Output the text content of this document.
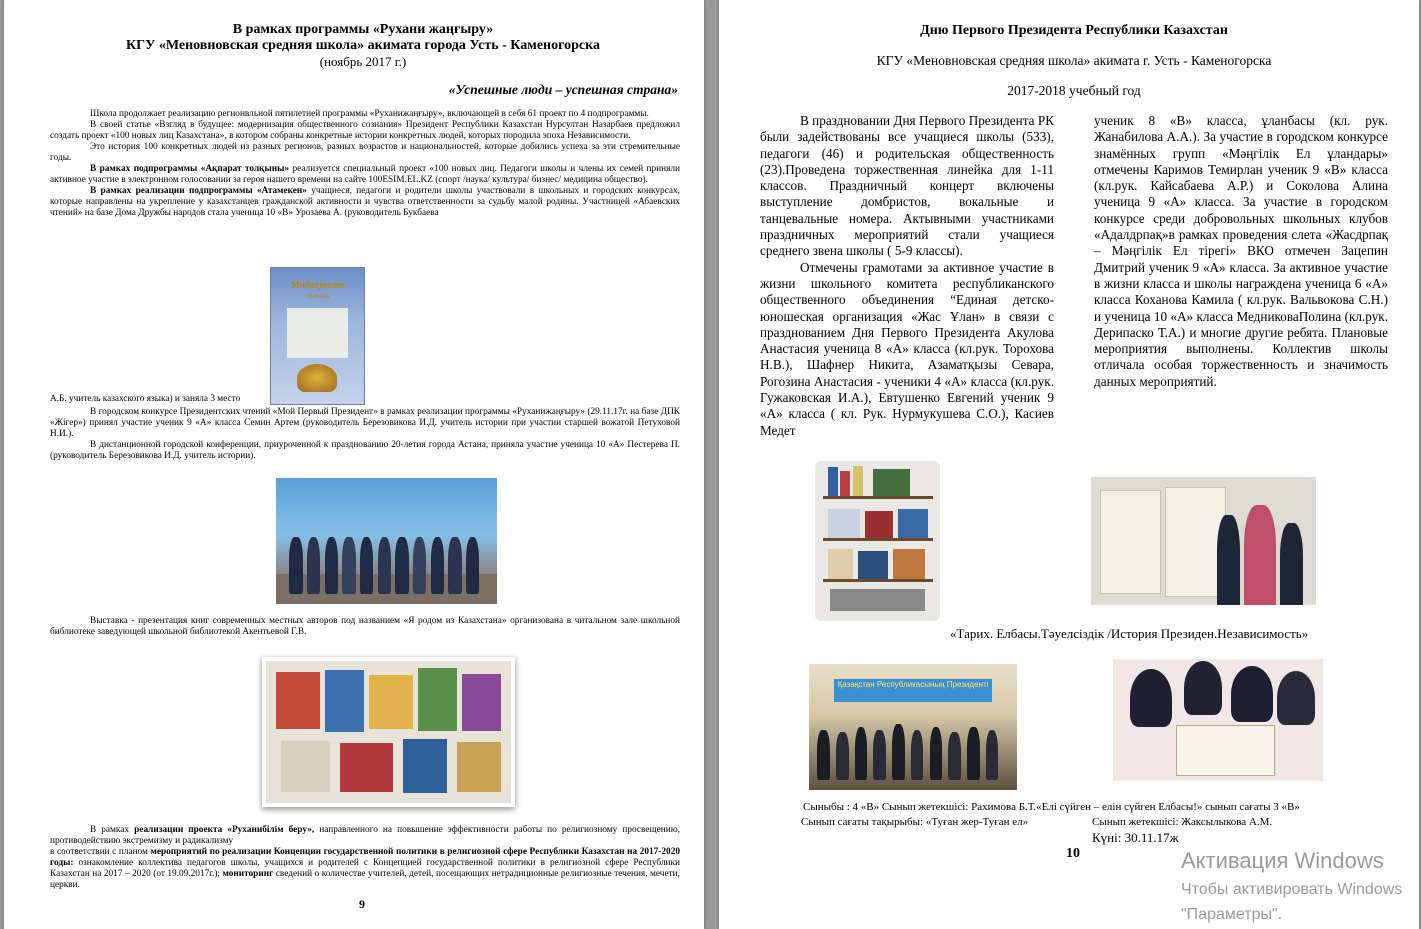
В рамках программы «Рухани жаңғыру»
КГУ «Меновновская средняя школа» акимата города Усть - Каменогорска
(ноябрь 2017 г.)
«Успешные люди – успешная страна»

Школа продолжает реализацию регионвльной пятилетней программы «Руханижаңғыру», включающей в себя 61 проект по 4 подпрограммы.

В своей статье «Взгляд в будущее: модернизация общественного сознания» Президент Республики Казахстан Нурсултан Назарбаев предложил создать проект «100 новых лиц Казахстана», в котором собраны конкретные истории конкретных людей, которых породила эпоха Независимости.

Это история 100 конкретных людей из разных регионов, разных возрастов и национальностей, которые добились успеха за эти стремительные годы.

В рамках подпрограммы «Ақпарат толқыны» реализуется специальный проект «100 новых лиц. Педагоги школы и члены их семей приняли активное участие в электронном голосовании за героя нашего времени на сайте 100ESIM.EL.KZ (спорт /наука/ культура/ бизнес/ медицина общество).

В рамках реализации подпрограммы «Атамекен» учащиеся, педагоги и родители школы участвовали в школьных и городских конкурсах, которые направлены на укрепление у казахстанцев гражданской активности и чувства ответственности за судьбу малой родины. Участницей «Абаевских чтений» на базе Дома Дружбы народов стала ученица 10 «В» Урозаева А. (руководитель Букбаева

Мадақтама
грамота
А.Б. учитель казахского языка) и заняла 3 место

В городском конкурсе Президентских чтений «Мой Первый Президент» в рамках реализации программы «Руханижаңғыру» (29.11.17г. на базе ДПК «Жігер») принял участие ученик 9 «А» класса Семин Артем (руководитель Березовикова И.Д. учитель истории при участии старшей вожатой Петуховой Н.И.).

В дистанционной городской конференции, приуроченной к празднованию 20-летия города Астана, приняла участие ученица 10 «А» Пестерева П. (руководитель Березовикова И.Д. учитель истории).

Выставка - презентация книг современных местных авторов под названием «Я родом из Казахстана» организована в читальном зале школьной библиотеке заведующей школьной библиотекой Акентьевой Г.В.

В рамках реализации проекта «Руханибілім беру», направленного на повышение эффективности работы по религиозному просвещению, противодействию экстремизму и радикализму

в соответствии с планом мероприятий по реализации Концепции государственной политики в религиозной сфере Республики Казахстан на 2017-2020 годы: ознакомление коллектива педагогов школы, учащихся и родителей с Концепцией государственной политики в религиозной сфере Республики Казахстан на 2017 – 2020 (от 19.09.2017г.); мониторинг сведений о количестве учителей, детей, посещающих нетрадиционные религиозные течения, мечети, церкви.

9
Дню Первого Президента Республики Казахстан
КГУ «Меновновская средняя школа» акимата г. Усть - Каменогорска
2017-2018 учебный год

В праздновании Дня Первого Президента РК были задействованы все учащиеся школы (533), педагоги (46) и родительская общественность (23).Проведена торжественная линейка для 1-11 классов. Праздничный концерт включены выступление домбристов, вокальные и танцевальные номера. Актывными участниками праздничных мероприятий стали учащиеся среднего звена школы ( 5-9 классы).

Отмечены грамотами за активное участие в жизни школьного комитета республиканского общественного объединения “Единая детско-юношеская организация «Жас Ұлан» в связи с празднованием Дня Первого Президента Акулова Анастасия ученица 8 «А» класса (кл.рук. Торохова Н.В.), Шафнер Никита, Азаматқызы Севара, Рогозина Анастасия - ученики 4 «А» класса (кл.рук. Гужаковская И.А.), Евтушенко Евгений ученик 9 «А» класса ( кл. Рук. Нурмукушева С.О.), Касиев Медет

ученик 8 «В» класса, ұланбасы (кл. рук. Жанабилова А.А.). За участие в городском конкурсе знамённых групп «Мәңгілік Ел ұландары» отмечены Каримов Темирлан ученик 9 «В» класса (кл.рук. Кайсабаева А.Р.) и Соколова Алина ученица 9 «А» класса. За участие в городском конкурсе среди добровольных школьных клубов «Адалдрпақ»в рамках проведения слета «Жасдрпақ – Мәңгілік Ел тірегі» ВКО отмечен Зацепин Дмитрий ученик 9 «А» класса. За активное участие в жизни класса и школы награждена ученица 6 «А» класса Коханова Камила ( кл.рук. Вальвокова С.Н.) и ученица 10 «А» класса МедниковаПолина (кл.рук. Дерипаско Т.А.) и многие другие ребята. Плановые мероприятия выполнены. Коллектив школы отличала особая торжественность и значимость данных мероприятий.

«Тарих. Елбасы.Тәуелсіздік /История Президен.Независимость»
Қазақстан Республикасының Президенті
Сыныбы : 4 «В» Сынып жетекшісі: Рахимова Б.Т.«Елі сүйген – елін сүйген Елбасы!» сынып сағаты 3 «В»
Сынып сағаты тақырыбы: «Туған жер-Туған ел»	Сынып жетекшісі: Жаксылыкова А.М.
Күні: 30.11.17ж
10	Активация Windows
Чтобы активировать Windows
"Параметры".
